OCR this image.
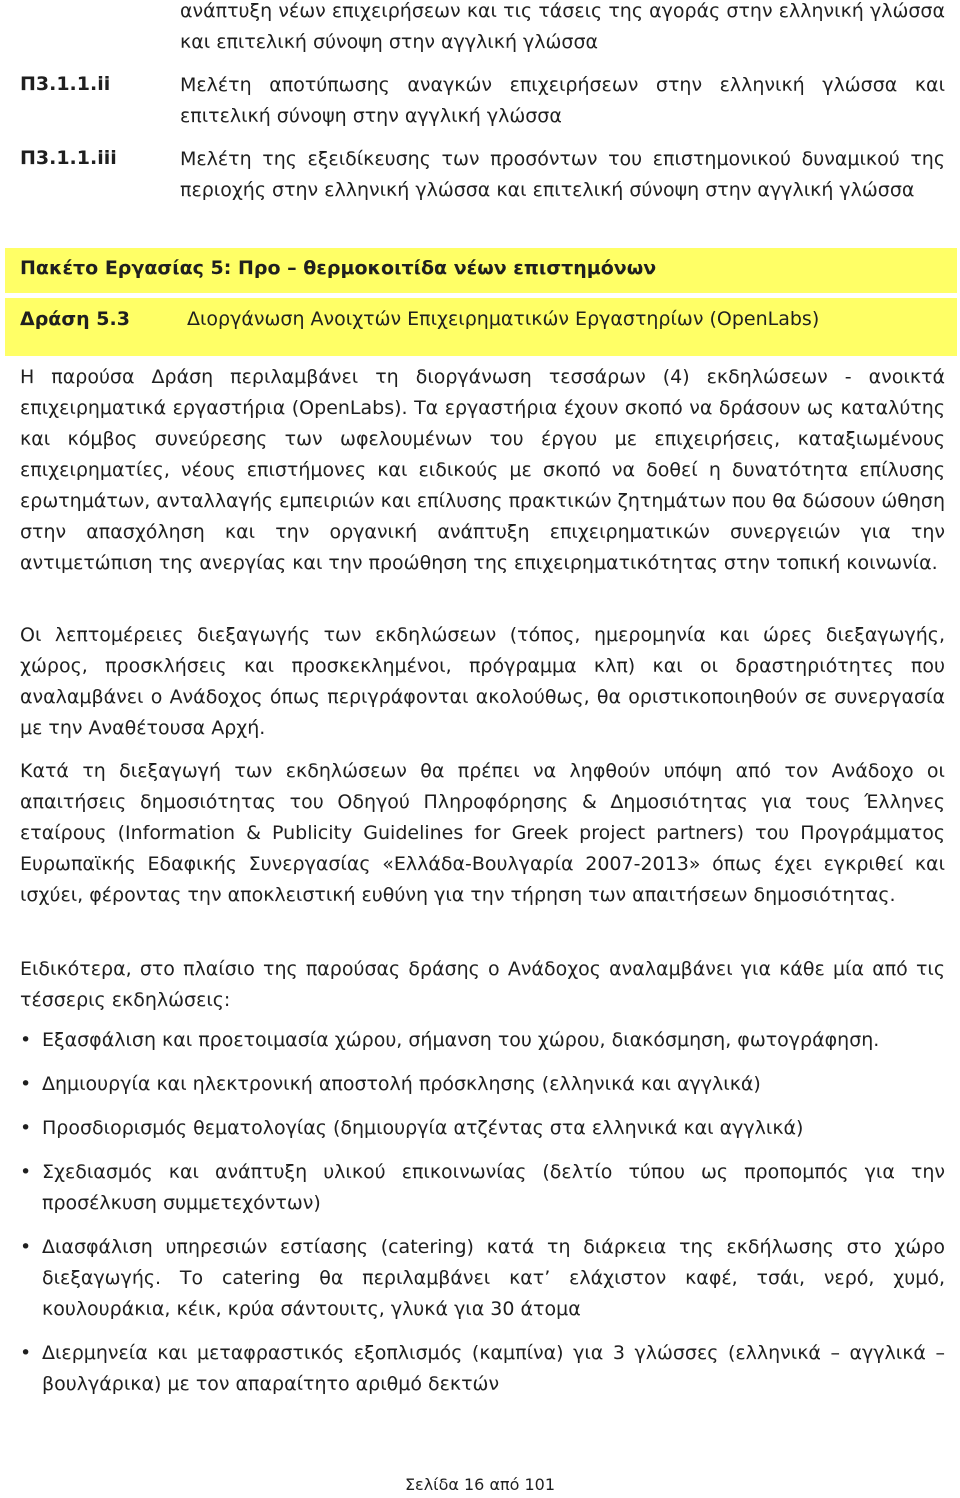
ανάπτυξη νέων επιχειρήσεων και τις τάσεις της αγοράς στην ελληνική γλώσσα και επιτελική σύνοψη στην αγγλική γλώσσα

Π3.1.1.ii	Μελέτη αποτύπωσης αναγκών επιχειρήσεων στην ελληνική γλώσσα και επιτελική σύνοψη στην αγγλική γλώσσα
Π3.1.1.iii	Μελέτη της εξειδίκευσης των προσόντων του επιστημονικού δυναμικού της περιοχής στην ελληνική γλώσσα και επιτελική σύνοψη στην αγγλική γλώσσα
Πακέτο Εργασίας 5: Προ – θερμοκοιτίδα νέων επιστημόνων
Δράση 5.3	Διοργάνωση Ανοιχτών Επιχειρηματικών Εργαστηρίων (OpenLabs)

Η παρούσα Δράση περιλαμβάνει τη διοργάνωση τεσσάρων (4) εκδηλώσεων - ανοικτά επιχειρηματικά εργαστήρια (OpenLabs). Τα εργαστήρια έχουν σκοπό να δράσουν ως καταλύτης και κόμβος συνεύρεσης των ωφελουμένων του έργου με επιχειρήσεις, καταξιωμένους επιχειρηματίες, νέους επιστήμονες και ειδικούς με σκοπό να δοθεί η δυνατότητα επίλυσης ερωτημάτων, ανταλλαγής εμπειριών και επίλυσης πρακτικών ζητημάτων που θα δώσουν ώθηση στην απασχόληση και την οργανική ανάπτυξη επιχειρηματικών συνεργειών για την αντιμετώπιση της ανεργίας και την προώθηση της επιχειρηματικότητας στην τοπική κοινωνία.

Οι λεπτομέρειες διεξαγωγής των εκδηλώσεων (τόπος, ημερομηνία και ώρες διεξαγωγής, χώρος, προσκλήσεις και προσκεκλημένοι, πρόγραμμα κλπ) και οι δραστηριότητες που αναλαμβάνει ο Ανάδοχος όπως περιγράφονται ακολούθως, θα οριστικοποιηθούν σε συνεργασία με την Αναθέτουσα Αρχή.

Κατά τη διεξαγωγή των εκδηλώσεων θα πρέπει να ληφθούν υπόψη από τον Ανάδοχο οι απαιτήσεις δημοσιότητας του Οδηγού Πληροφόρησης & Δημοσιότητας για τους Έλληνες εταίρους (Information & Publicity Guidelines for Greek project partners) του Προγράμματος Ευρωπαϊκής Εδαφικής Συνεργασίας «Ελλάδα-Βουλγαρία 2007-2013» όπως έχει εγκριθεί και ισχύει, φέροντας την αποκλειστική ευθύνη για την τήρηση των απαιτήσεων δημοσιότητας.

Ειδικότερα, στο πλαίσιο της παρούσας δράσης ο Ανάδοχος αναλαμβάνει για κάθε μία από τις τέσσερις εκδηλώσεις:

• Εξασφάλιση και προετοιμασία χώρου, σήμανση του χώρου, διακόσμηση, φωτογράφηση.
• Δημιουργία και ηλεκτρονική αποστολή πρόσκλησης (ελληνικά και αγγλικά)
• Προσδιορισμός θεματολογίας (δημιουργία ατζέντας στα ελληνικά και αγγλικά)
• Σχεδιασμός και ανάπτυξη υλικού επικοινωνίας (δελτίο τύπου ως προπομπός για την προσέλκυση συμμετεχόντων)
• Διασφάλιση υπηρεσιών εστίασης (catering) κατά τη διάρκεια της εκδήλωσης στο χώρο διεξαγωγής. Το catering θα περιλαμβάνει κατ’ ελάχιστον καφέ, τσάι, νερό, χυμό, κουλουράκια, κέικ, κρύα σάντουιτς, γλυκά για 30 άτομα
• Διερμηνεία και μεταφραστικός εξοπλισμός (καμπίνα) για 3 γλώσσες (ελληνικά – αγγλικά – βουλγάρικα) με τον απαραίτητο αριθμό δεκτών
Σελίδα 16 από 101
